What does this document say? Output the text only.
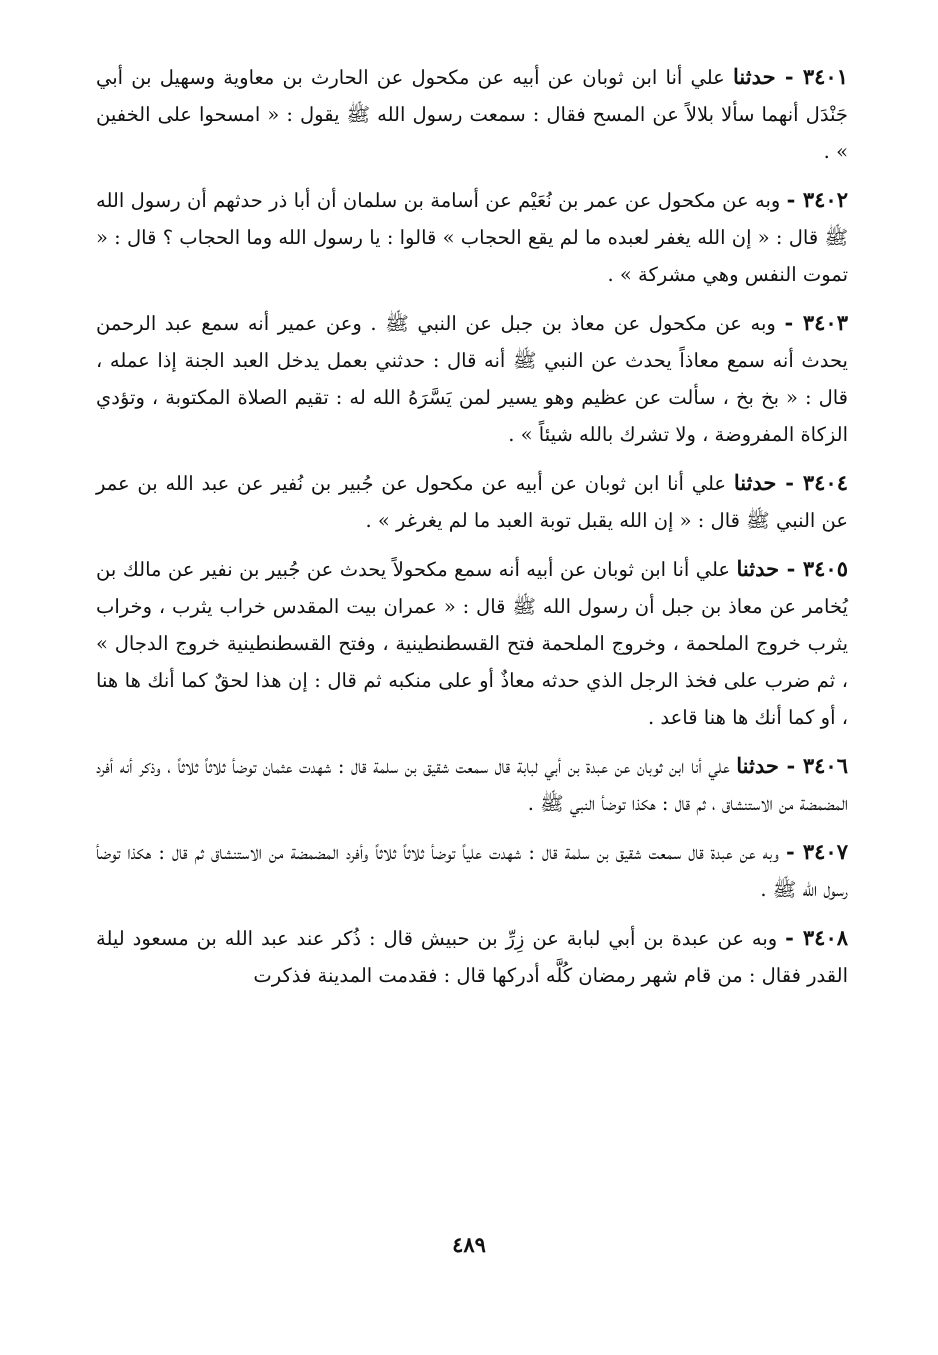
٣٤٠١ - حدثنا علي أنا ابن ثوبان عن أبيه عن مكحول عن الحارث بن معاوية وسهيل بن أبي جَنْدَل أنهما سألا بلالاً عن المسح فقال : سمعت رسول الله ﷺ يقول : « امسحوا على الخفين » .

٣٤٠٢ - وبه عن مكحول عن عمر بن نُعَيْم عن أسامة بن سلمان أن أبا ذر حدثهم أن رسول الله ﷺ قال : « إن الله يغفر لعبده ما لم يقع الحجاب » قالوا : يا رسول الله وما الحجاب ؟ قال : « تموت النفس وهي مشركة » .

٣٤٠٣ - وبه عن مكحول عن معاذ بن جبل عن النبي ﷺ . وعن عمير أنه سمع عبد الرحمن يحدث أنه سمع معاذاً يحدث عن النبي ﷺ أنه قال : حدثني بعمل يدخل العبد الجنة إذا عمله ، قال : « بخ بخ ، سألت عن عظيم وهو يسير لمن يَسَّرَهُ الله له : تقيم الصلاة المكتوبة ، وتؤدي الزكاة المفروضة ، ولا تشرك بالله شيئاً » .

٣٤٠٤ - حدثنا علي أنا ابن ثوبان عن أبيه عن مكحول عن جُبير بن نُفير عن عبد الله بن عمر عن النبي ﷺ قال : « إن الله يقبل توبة العبد ما لم يغرغر » .

٣٤٠٥ - حدثنا علي أنا ابن ثوبان عن أبيه أنه سمع مكحولاً يحدث عن جُبير بن نفير عن مالك بن يُخامر عن معاذ بن جبل أن رسول الله ﷺ قال : « عمران بيت المقدس خراب يثرب ، وخراب يثرب خروج الملحمة ، وخروج الملحمة فتح القسطنطينية ، وفتح القسطنطينية خروج الدجال » ، ثم ضرب على فخذ الرجل الذي حدثه معاذٌ أو على منكبه ثم قال : إن هذا لحقٌ كما أنك ها هنا ، أو كما أنك ها هنا قاعد .

٣٤٠٦ - حدثنا علي أنا ابن ثوبان عن عبدة بن أبي لبابة قال سمعت شقيق بن سلمة قال : شهدت عثمان توضأ ثلاثاً ثلاثاً ، وذكر أنه أفرد المضمضة من الاستنشاق ، ثم قال : هكذا توضأ النبي ﷺ .

٣٤٠٧ - وبه عن عبدة قال سمعت شقيق بن سلمة قال : شهدت علياً توضأ ثلاثاً ثلاثاً وأفرد المضمضة من الاستنشاق ثم قال : هكذا توضأ رسول الله ﷺ .

٣٤٠٨ - وبه عن عبدة بن أبي لبابة عن زِرِّ بن حبيش قال : ذُكر عند عبد الله بن مسعود ليلة القدر فقال : من قام شهر رمضان كُلَّه أدركها قال : فقدمت المدينة فذكرت

٤٨٩
